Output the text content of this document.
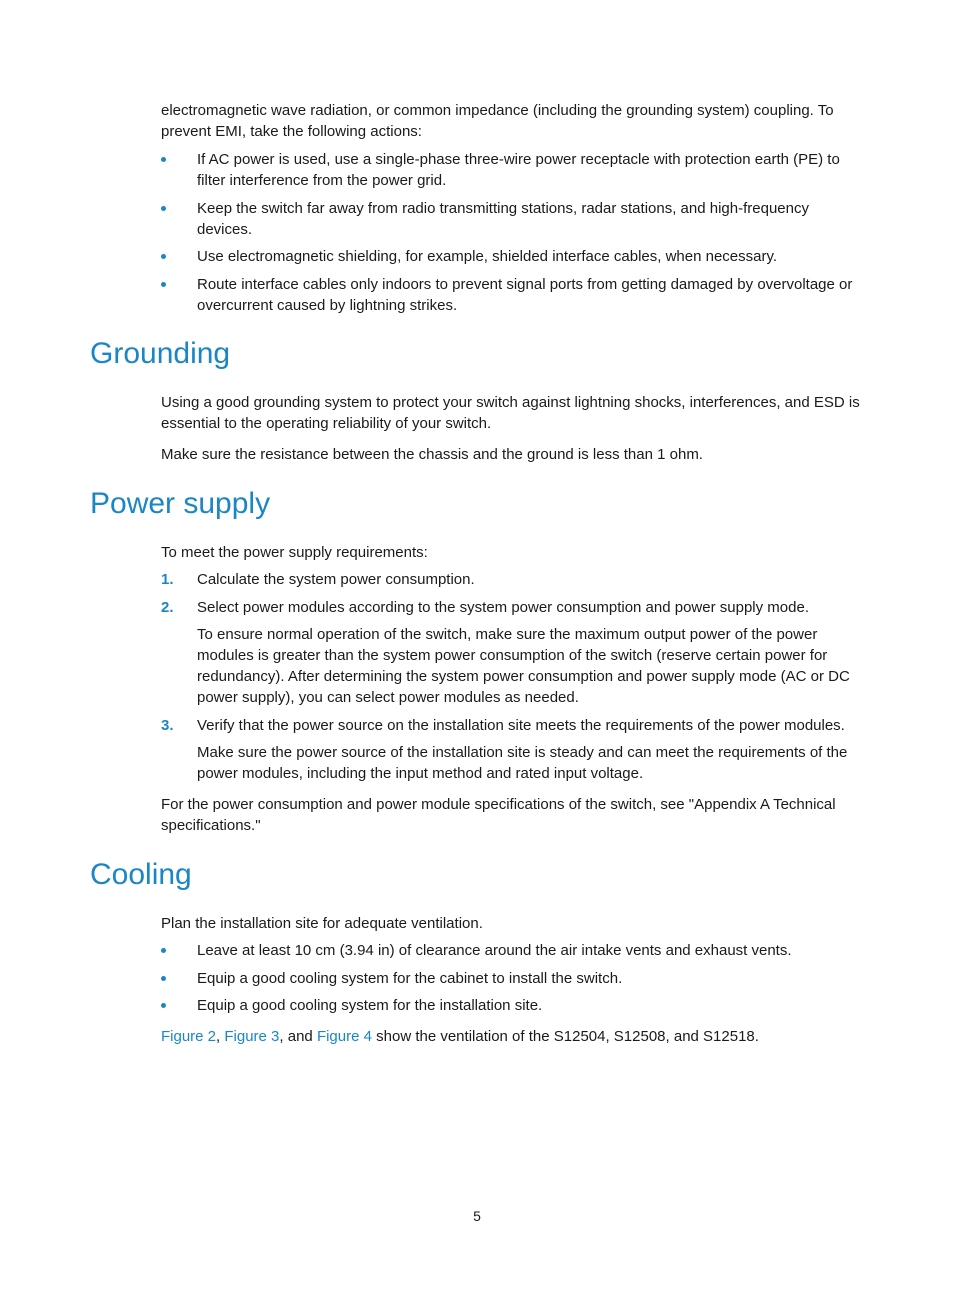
electromagnetic wave radiation, or common impedance (including the grounding system) coupling. To prevent EMI, take the following actions:

If AC power is used, use a single-phase three-wire power receptacle with protection earth (PE) to filter interference from the power grid.

Keep the switch far away from radio transmitting stations, radar stations, and high-frequency devices.

Use electromagnetic shielding, for example, shielded interface cables, when necessary.

Route interface cables only indoors to prevent signal ports from getting damaged by overvoltage or overcurrent caused by lightning strikes.

Grounding

Using a good grounding system to protect your switch against lightning shocks, interferences, and ESD is essential to the operating reliability of your switch.

Make sure the resistance between the chassis and the ground is less than 1 ohm.

Power supply

To meet the power supply requirements:

1. Calculate the system power consumption.

2. Select power modules according to the system power consumption and power supply mode.

To ensure normal operation of the switch, make sure the maximum output power of the power modules is greater than the system power consumption of the switch (reserve certain power for redundancy). After determining the system power consumption and power supply mode (AC or DC power supply), you can select power modules as needed.

3. Verify that the power source on the installation site meets the requirements of the power modules.

Make sure the power source of the installation site is steady and can meet the requirements of the power modules, including the input method and rated input voltage.

For the power consumption and power module specifications of the switch, see "Appendix A Technical specifications."

Cooling

Plan the installation site for adequate ventilation.

Leave at least 10 cm (3.94 in) of clearance around the air intake vents and exhaust vents.

Equip a good cooling system for the cabinet to install the switch.

Equip a good cooling system for the installation site.

Figure 2, Figure 3, and Figure 4 show the ventilation of the S12504, S12508, and S12518.

5
